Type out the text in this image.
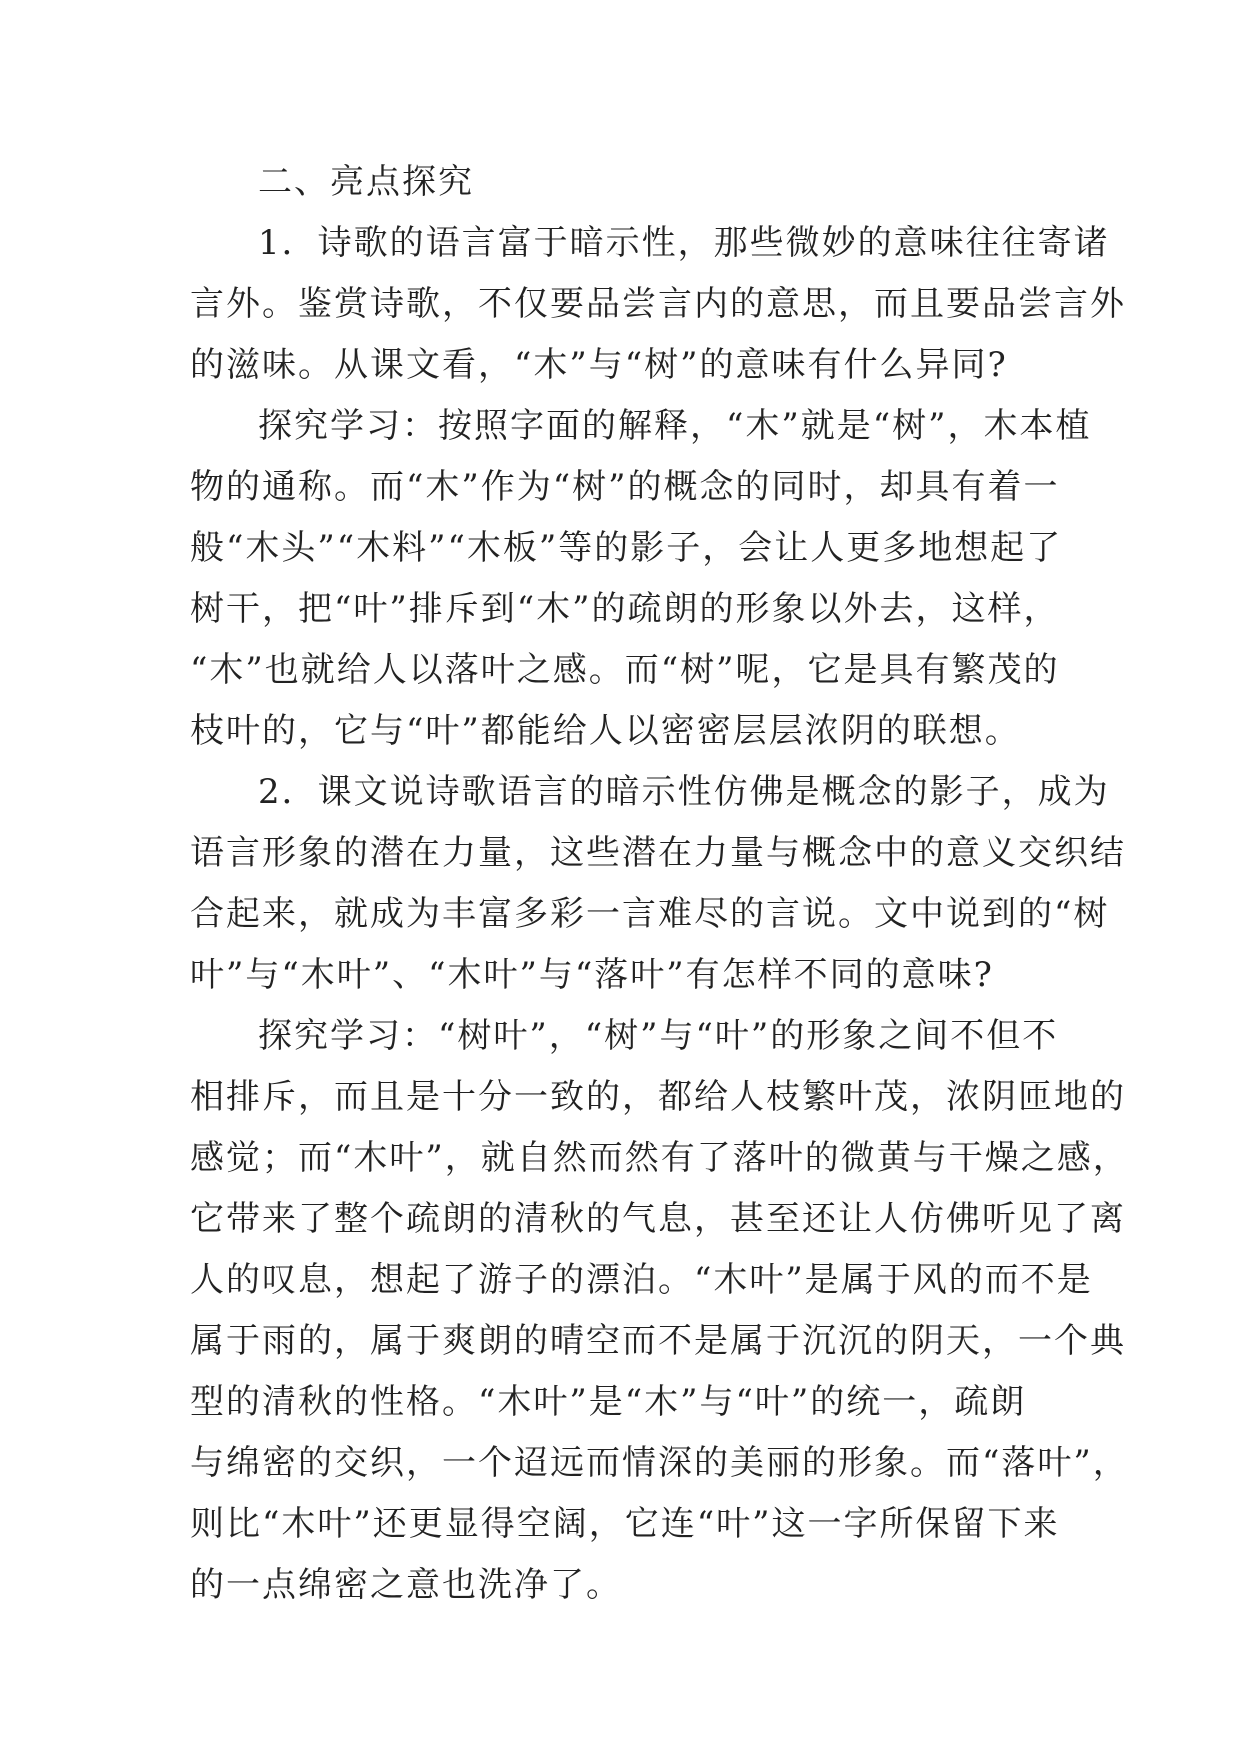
二、亮点探究
1．诗歌的语言富于暗示性，那些微妙的意味往往寄诸
言外。鉴赏诗歌，不仅要品尝言内的意思，而且要品尝言外
的滋味。从课文看，“木”与“树”的意味有什么异同?
探究学习：按照字面的解释，“木”就是“树”，木本植
物的通称。而“木”作为“树”的概念的同时，却具有着一
般“木头”“木料”“木板”等的影子，会让人更多地想起了
树干，把“叶”排斥到“木”的疏朗的形象以外去，这样，
“木”也就给人以落叶之感。而“树”呢，它是具有繁茂的
枝叶的，它与“叶”都能给人以密密层层浓阴的联想。
2．课文说诗歌语言的暗示性仿佛是概念的影子，成为
语言形象的潜在力量，这些潜在力量与概念中的意义交织结
合起来，就成为丰富多彩一言难尽的言说。文中说到的“树
叶”与“木叶”、“木叶”与“落叶”有怎样不同的意味?
探究学习：“树叶”，“树”与“叶”的形象之间不但不
相排斥，而且是十分一致的，都给人枝繁叶茂，浓阴匝地的
感觉；而“木叶”，就自然而然有了落叶的微黄与干燥之感，
它带来了整个疏朗的清秋的气息，甚至还让人仿佛听见了离
人的叹息，想起了游子的漂泊。“木叶”是属于风的而不是
属于雨的，属于爽朗的晴空而不是属于沉沉的阴天，一个典
型的清秋的性格。“木叶”是“木”与“叶”的统一，疏朗
与绵密的交织，一个迢远而情深的美丽的形象。而“落叶”，
则比“木叶”还更显得空阔，它连“叶”这一字所保留下来
的一点绵密之意也洗净了。
